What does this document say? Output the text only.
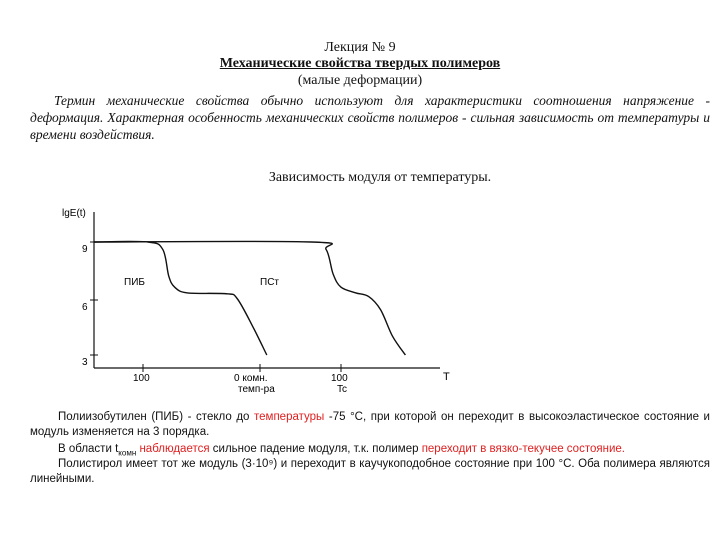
Лекция № 9
Механические свойства твердых полимеров
(малые деформации)
Термин механические свойства обычно используют для характеристики соотношения напряжение - деформация. Характерная особенность механических свойств полимеров - сильная зависимость от температуры и времени воздействия.
Зависимость модуля от температуры.
lgE(t)
T
9
6
3
100	0 комн.
темп-ра
100
Tc
ПИБ	ПСт
Полиизобутилен (ПИБ) - стекло до температуры -75 °C, при которой он переходит в высокоэластическое состояние и модуль изменяется на 3 порядка.
В области $t_{комн}$ наблюдается сильное падение модуля, т.к. полимер переходит в вязко-текучее состояние.
Полистирол имеет тот же модуль (3·10⁹) и переходит в каучукоподобное состояние при 100 °C. Оба полимера являются линейными.
